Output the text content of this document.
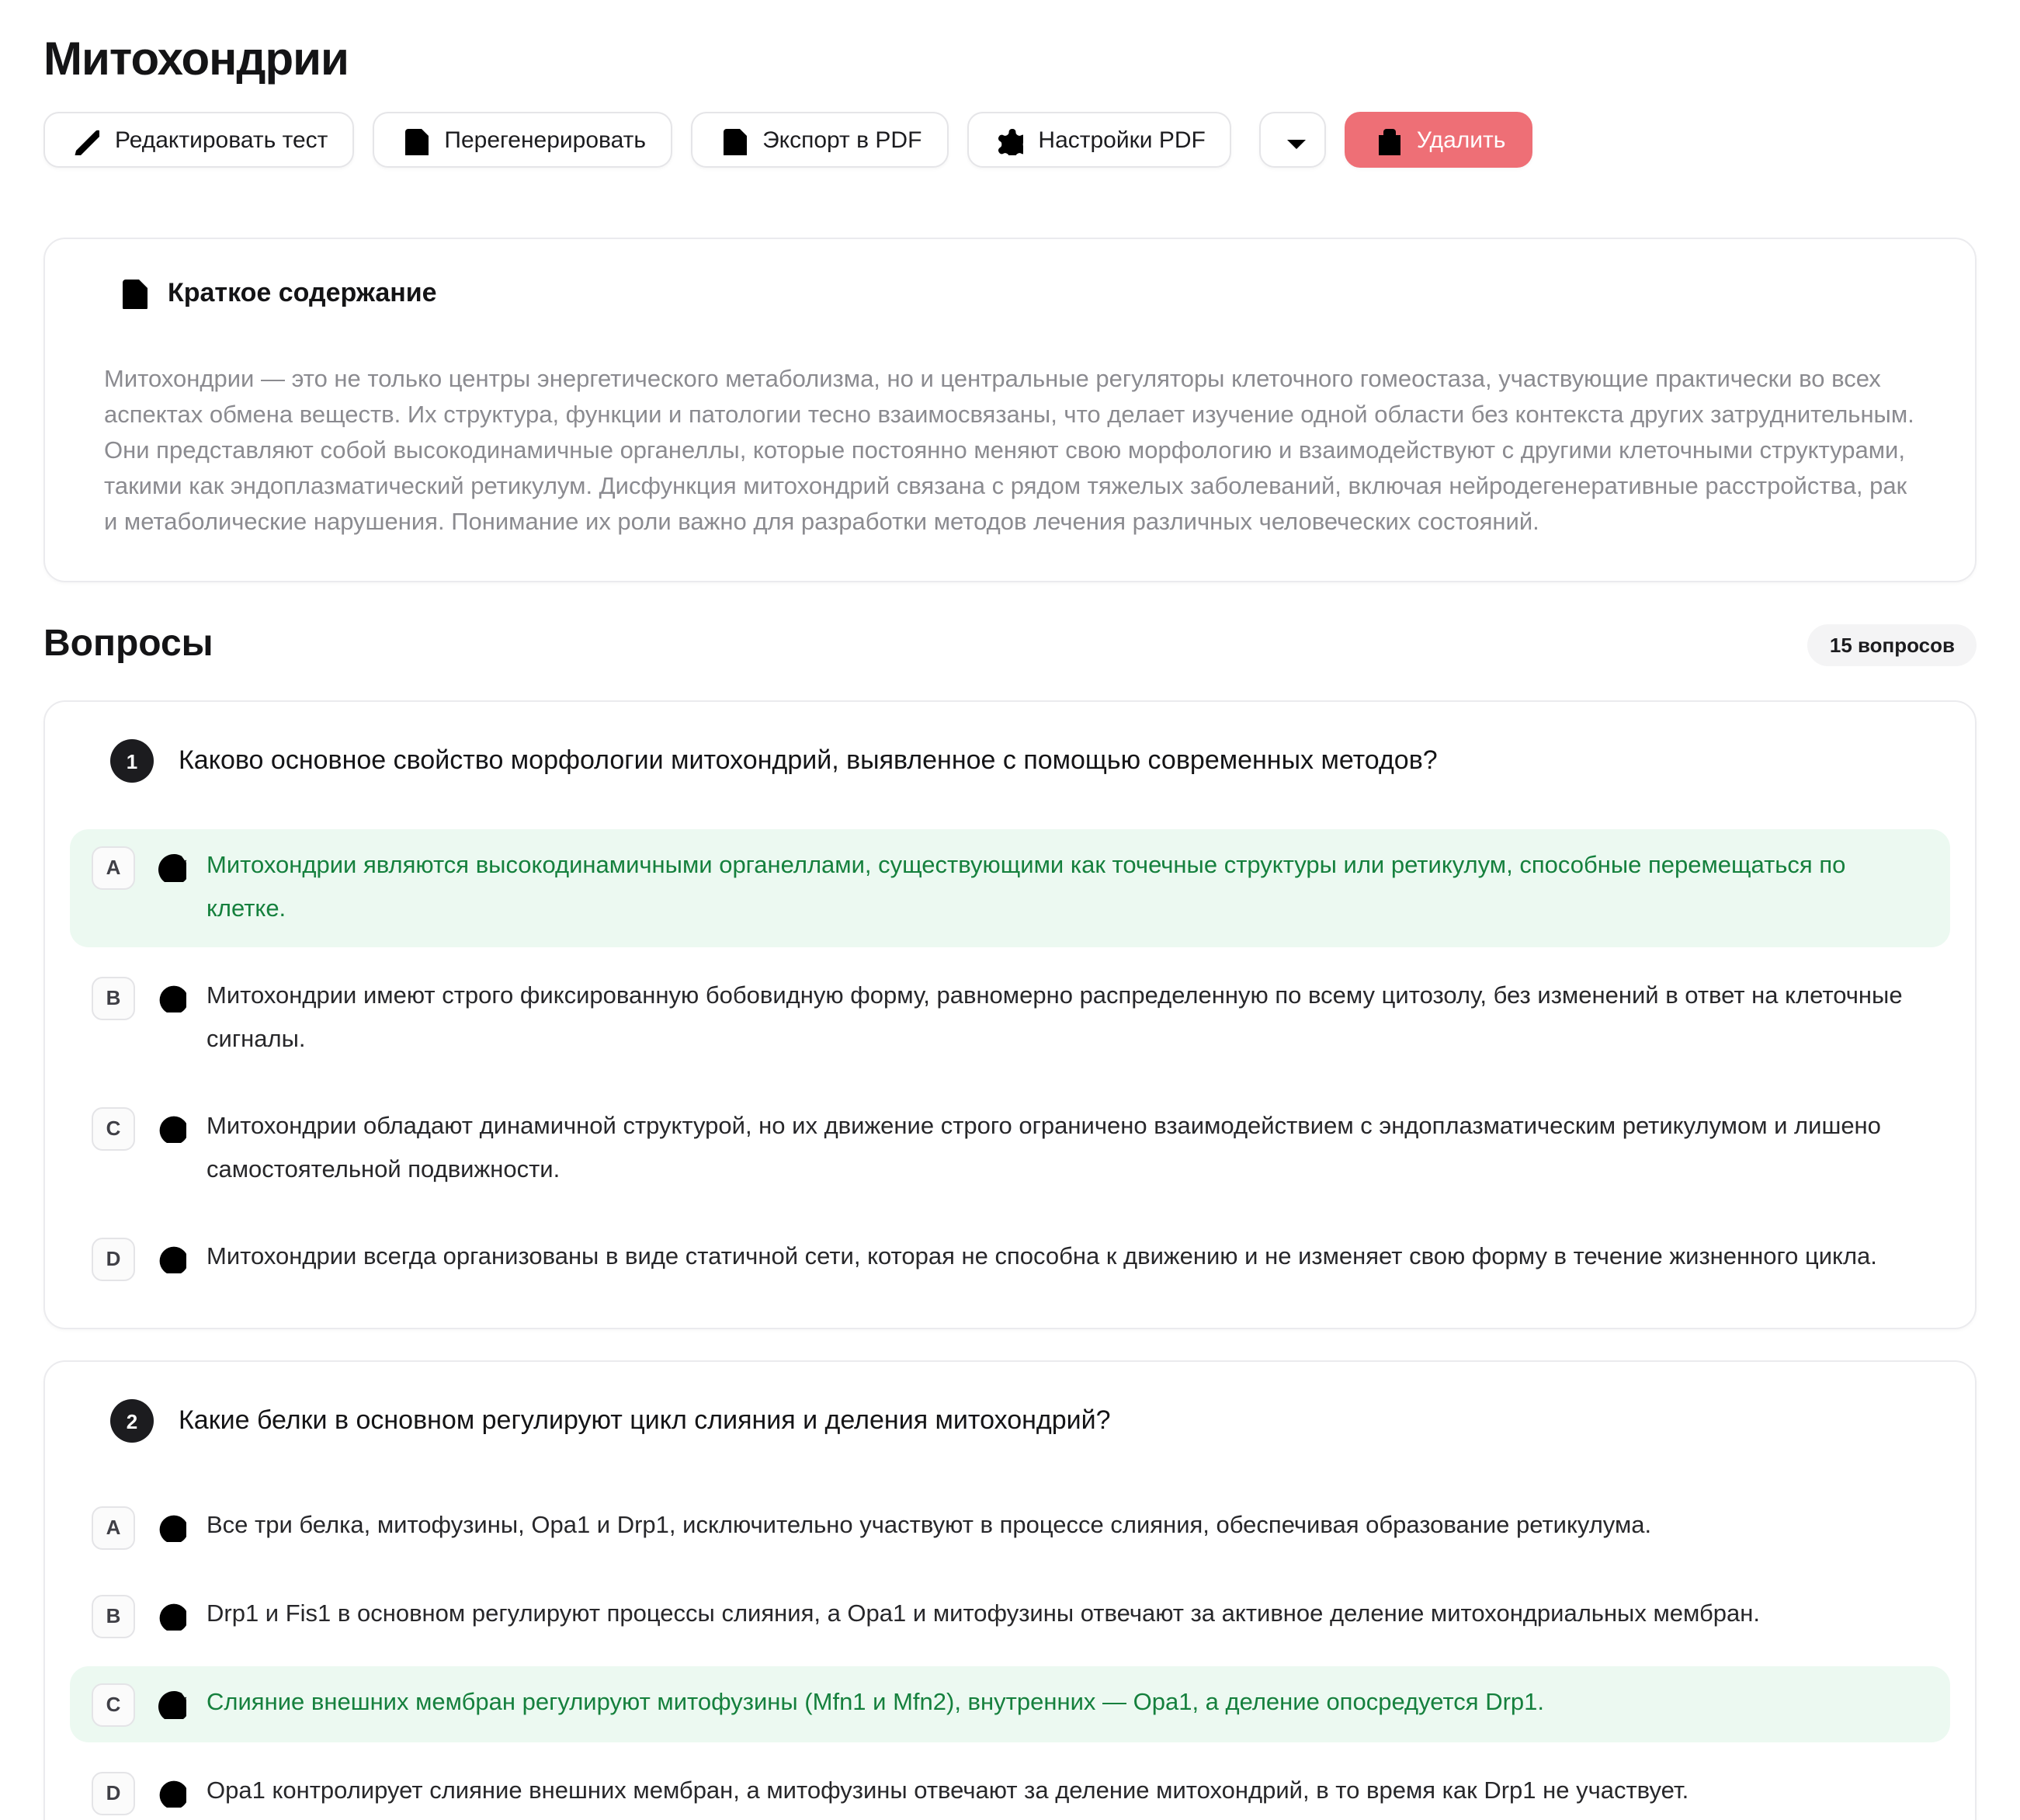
Митохондрии
Редактировать тест	Перегенерировать	Экспорт в PDF	Настройки PDF	Удалить
Краткое содержание
Митохондрии — это не только центры энергетического метаболизма, но и центральные регуляторы клеточного гомеостаза, участвующие практически во всех аспектах обмена веществ. Их структура, функции и патологии тесно взаимосвязаны, что делает изучение одной области без контекста других затруднительным. Они представляют собой высокодинамичные органеллы, которые постоянно меняют свою морфологию и взаимодействуют с другими клеточными структурами, такими как эндоплазматический ретикулум. Дисфункция митохондрий связана с рядом тяжелых заболеваний, включая нейродегенеративные расстройства, рак и метаболические нарушения. Понимание их роли важно для разработки методов лечения различных человеческих состояний.
Вопросы	15 вопросов
1	Каково основное свойство морфологии митохондрий, выявленное с помощью современных методов?
A	Митохондрии являются высокодинамичными органеллами, существующими как точечные структуры или ретикулум, способные перемещаться по клетке.
B	Митохондрии имеют строго фиксированную бобовидную форму, равномерно распределенную по всему цитозолу, без изменений в ответ на клеточные сигналы.
C	Митохондрии обладают динамичной структурой, но их движение строго ограничено взаимодействием с эндоплазматическим ретикулумом и лишено самостоятельной подвижности.
D	Митохондрии всегда организованы в виде статичной сети, которая не способна к движению и не изменяет свою форму в течение жизненного цикла.
2	Какие белки в основном регулируют цикл слияния и деления митохондрий?
A	Все три белка, митофузины, Opa1 и Drp1, исключительно участвуют в процессе слияния, обеспечивая образование ретикулума.
B	Drp1 и Fis1 в основном регулируют процессы слияния, а Opa1 и митофузины отвечают за активное деление митохондриальных мембран.
C	Слияние внешних мембран регулируют митофузины (Mfn1 и Mfn2), внутренних — Opa1, а деление опосредуется Drp1.
D	Opa1 контролирует слияние внешних мембран, а митофузины отвечают за деление митохондрий, в то время как Drp1 не участвует.
